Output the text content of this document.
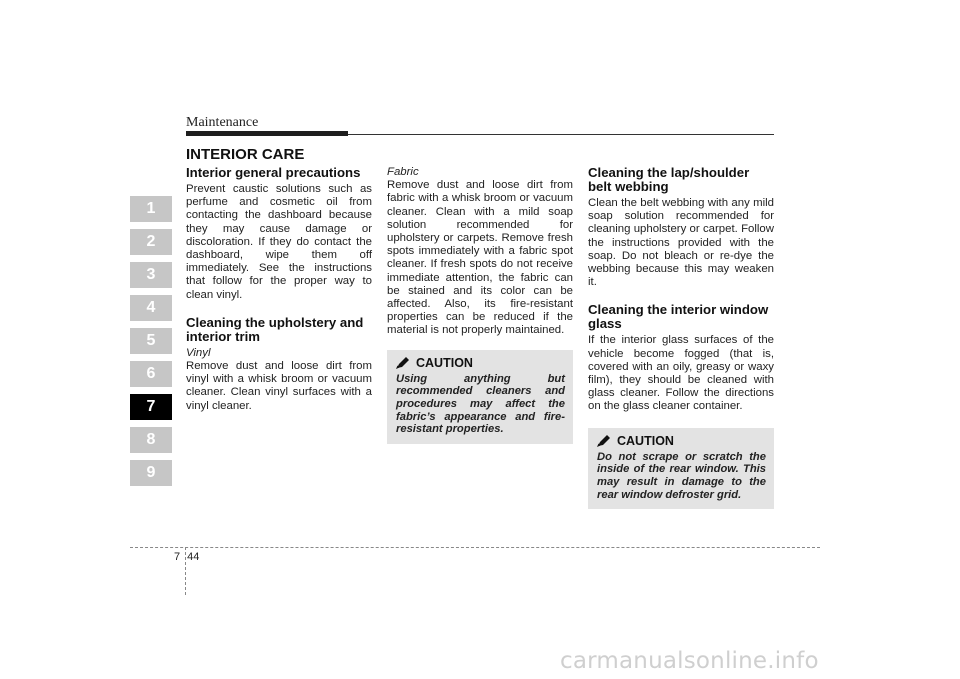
Maintenance
1
2
3
4
5
6
7
8
9
INTERIOR CARE
Interior general precautions

Prevent caustic solutions such as perfume and cosmetic oil from contacting the dashboard because they may cause damage or discoloration. If they do contact the dashboard, wipe them off immediately. See the instructions that follow for the proper way to clean vinyl.

Cleaning the upholstery and interior trim
Vinyl

Remove dust and loose dirt from vinyl with a whisk broom or vacuum cleaner. Clean vinyl surfaces with a vinyl cleaner.

Fabric

Remove dust and loose dirt from fabric with a whisk broom or vacuum cleaner. Clean with a mild soap solution recommended for upholstery or carpets. Remove fresh spots immediately with a fabric spot cleaner. If fresh spots do not receive immediate attention, the fabric can be stained and its color can be affected. Also, its fire-resistant properties can be reduced if the material is not properly maintained.

CAUTION

Using anything but recommended cleaners and procedures may affect the fabric’s appearance and fire-resistant properties.

Cleaning the lap/shoulder belt webbing

Clean the belt webbing with any mild soap solution recommended for cleaning upholstery or carpet. Follow the instructions provided with the soap. Do not bleach or re-dye the webbing because this may weaken it.

Cleaning the interior window glass

If the interior glass surfaces of the vehicle become fogged (that is, covered with an oily, greasy or waxy film), they should be cleaned with glass cleaner. Follow the directions on the glass cleaner container.

CAUTION

Do not scrape or scratch the inside of the rear window. This may result in damage to the rear window defroster grid.

7 44
carmanualsonline.info
